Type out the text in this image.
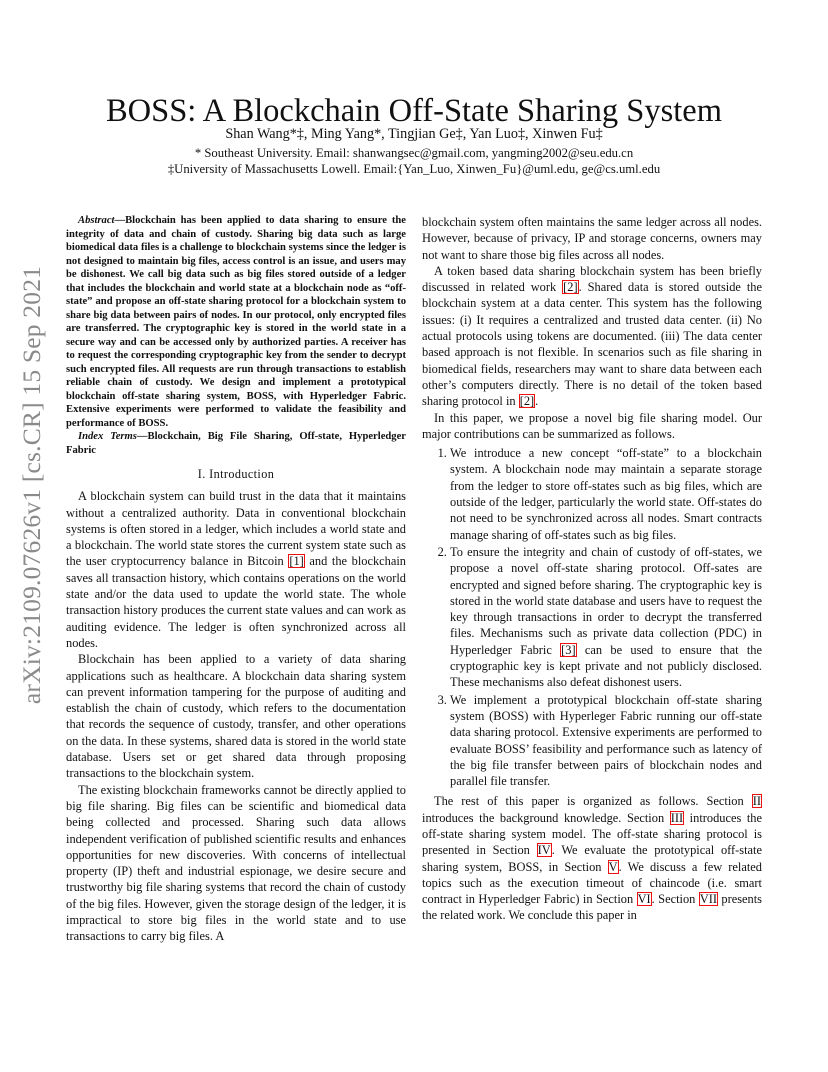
arXiv:2109.07626v1 [cs.CR] 15 Sep 2021
BOSS: A Blockchain Off-State Sharing System
Shan Wang*‡, Ming Yang*, Tingjian Ge‡, Yan Luo‡, Xinwen Fu‡
* Southeast University. Email: shanwangsec@gmail.com, yangming2002@seu.edu.cn
‡University of Massachusetts Lowell. Email:{Yan_Luo, Xinwen_Fu}@uml.edu, ge@cs.uml.edu

Abstract—Blockchain has been applied to data sharing to ensure the integrity of data and chain of custody. Sharing big data such as large biomedical data files is a challenge to blockchain systems since the ledger is not designed to maintain big files, access control is an issue, and users may be dishonest. We call big data such as big files stored outside of a ledger that includes the blockchain and world state at a blockchain node as “off-state” and propose an off-state sharing protocol for a blockchain system to share big data between pairs of nodes. In our protocol, only encrypted files are transferred. The cryptographic key is stored in the world state in a secure way and can be accessed only by authorized parties. A receiver has to request the corresponding cryptographic key from the sender to decrypt such encrypted files. All requests are run through transactions to establish reliable chain of custody. We design and implement a prototypical blockchain off-state sharing system, BOSS, with Hyperledger Fabric. Extensive experiments were performed to validate the feasibility and performance of BOSS.

Index Terms—Blockchain, Big File Sharing, Off-state, Hyperledger Fabric

I. Introduction

A blockchain system can build trust in the data that it maintains without a centralized authority. Data in conventional blockchain systems is often stored in a ledger, which includes a world state and a blockchain. The world state stores the current system state such as the user cryptocurrency balance in Bitcoin [1] and the blockchain saves all transaction history, which contains operations on the world state and/or the data used to update the world state. The whole transaction history produces the current state values and can work as auditing evidence. The ledger is often synchronized across all nodes.

Blockchain has been applied to a variety of data sharing applications such as healthcare. A blockchain data sharing system can prevent information tampering for the purpose of auditing and establish the chain of custody, which refers to the documentation that records the sequence of custody, transfer, and other operations on the data. In these systems, shared data is stored in the world state database. Users set or get shared data through proposing transactions to the blockchain system.

The existing blockchain frameworks cannot be directly applied to big file sharing. Big files can be scientific and biomedical data being collected and processed. Sharing such data allows independent verification of published scientific results and enhances opportunities for new discoveries. With concerns of intellectual property (IP) theft and industrial espionage, we desire secure and trustworthy big file sharing systems that record the chain of custody of the big files. However, given the storage design of the ledger, it is impractical to store big files in the world state and to use transactions to carry big files. A

blockchain system often maintains the same ledger across all nodes. However, because of privacy, IP and storage concerns, owners may not want to share those big files across all nodes.

A token based data sharing blockchain system has been briefly discussed in related work [2]. Shared data is stored outside the blockchain system at a data center. This system has the following issues: (i) It requires a centralized and trusted data center. (ii) No actual protocols using tokens are documented. (iii) The data center based approach is not flexible. In scenarios such as file sharing in biomedical fields, researchers may want to share data between each other’s computers directly. There is no detail of the token based sharing protocol in [2].

In this paper, we propose a novel big file sharing model. Our major contributions can be summarized as follows.

1. We introduce a new concept “off-state” to a blockchain system. A blockchain node may maintain a separate storage from the ledger to store off-states such as big files, which are outside of the ledger, particularly the world state. Off-states do not need to be synchronized across all nodes. Smart contracts manage sharing of off-states such as big files.
2. To ensure the integrity and chain of custody of off-states, we propose a novel off-state sharing protocol. Off-sates are encrypted and signed before sharing. The cryptographic key is stored in the world state database and users have to request the key through transactions in order to decrypt the transferred files. Mechanisms such as private data collection (PDC) in Hyperledger Fabric [3] can be used to ensure that the cryptographic key is kept private and not publicly disclosed. These mechanisms also defeat dishonest users.
3. We implement a prototypical blockchain off-state sharing system (BOSS) with Hyperleger Fabric running our off-state data sharing protocol. Extensive experiments are performed to evaluate BOSS’ feasibility and performance such as latency of the big file transfer between pairs of blockchain nodes and parallel file transfer.

The rest of this paper is organized as follows. Section II introduces the background knowledge. Section III introduces the off-state sharing system model. The off-state sharing protocol is presented in Section IV. We evaluate the prototypical off-state sharing system, BOSS, in Section V. We discuss a few related topics such as the execution timeout of chaincode (i.e. smart contract in Hyperledger Fabric) in Section VI. Section VII presents the related work. We conclude this paper in
